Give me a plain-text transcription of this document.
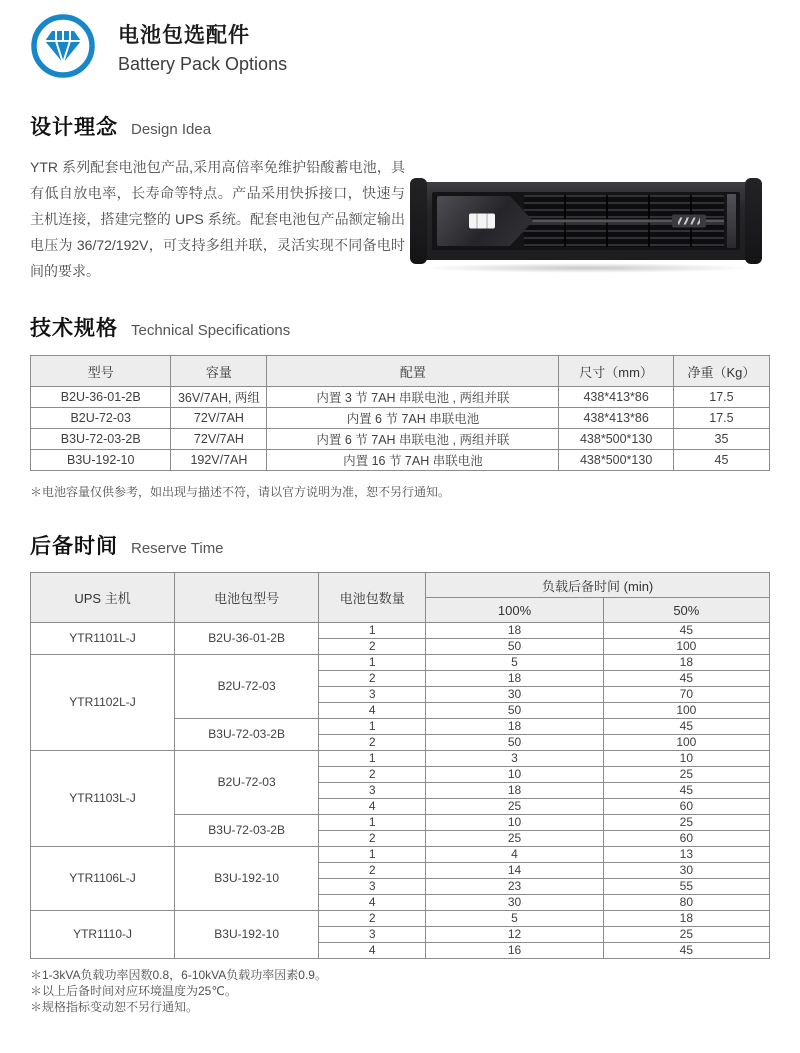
电池包选配件
Battery Pack Options
设计理念 Design Idea
YTR 系列配套电池包产品,采用高倍率免维护铅酸蓄电池，具有低自放电率，长寿命等特点。产品采用快拆接口，快速与主机连接，搭建完整的 UPS 系统。配套电池包产品额定输出电压为 36/72/192V，可支持多组并联，灵活实现不同备电时间的要求。
技术规格 Technical Specifications
型号	容量	配置	尺寸（mm）	净重（Kg）
B2U-36-01-2B	36V/7AH, 两组	内置 3 节 7AH 串联电池 , 两组并联	438*413*86	17.5
B2U-72-03	72V/7AH	内置 6 节 7AH 串联电池	438*413*86	17.5
B3U-72-03-2B	72V/7AH	内置 6 节 7AH 串联电池 , 两组并联	438*500*130	35
B3U-192-10	192V/7AH	内置 16 节 7AH 串联电池	438*500*130	45
＊电池容量仅供参考，如出现与描述不符，请以官方说明为准，恕不另行通知。
后备时间 Reserve Time
UPS 主机	电池包型号	电池包数量	负载后备时间 (min)	
			100%	50%
YTR1101L-J	B2U-36-01-2B	1	18	45
		2	50	100
YTR1102L-J	B2U-72-03	1	5	18
		2	18	45
		3	30	70
		4	50	100
	B3U-72-03-2B	1	18	45
		2	50	100
YTR1103L-J	B2U-72-03	1	3	10
		2	10	25
		3	18	45
		4	25	60
	B3U-72-03-2B	1	10	25
		2	25	60
YTR1106L-J	B3U-192-10	1	4	13
		2	14	30
		3	23	55
		4	30	80
YTR1110-J	B3U-192-10	2	5	18
		3	12	25
		4	16	45
＊1-3kVA负载功率因数0.8，6-10kVA负载功率因素0.9。
＊以上后备时间对应环境温度为25℃。
＊规格指标变动恕不另行通知。
